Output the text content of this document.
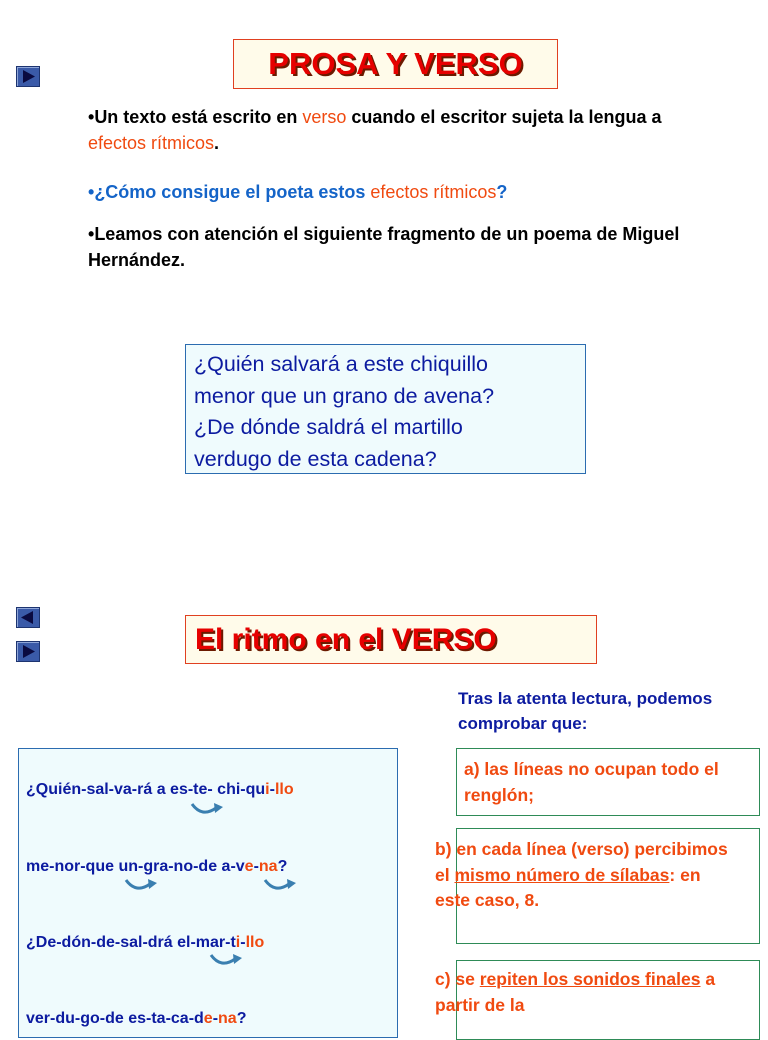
PROSA Y VERSO
•Un texto está escrito en verso cuando el escritor sujeta la lengua a efectos rítmicos.
•¿Cómo consigue el poeta estos efectos rítmicos?
•Leamos con atención el siguiente fragmento de un poema de Miguel Hernández.
¿Quién salvará a este chiquillo
menor que un grano de avena?
¿De dónde saldrá el martillo
verdugo de esta cadena?
El ritmo en el VERSO
Tras la atenta lectura, podemos comprobar que:
¿Quién-sal-va-rá a es-te- chi-qui-llo
me-nor-que un-gra-no-de a-ve-na?
¿De-dón-de-sal-drá el-mar-ti-llo
ver-du-go-de es-ta-ca-de-na?
a) las líneas no ocupan todo el renglón;
b) en cada línea (verso) percibimos el mismo número de sílabas: en este caso, 8.
c) se repiten los sonidos finales a partir de la
